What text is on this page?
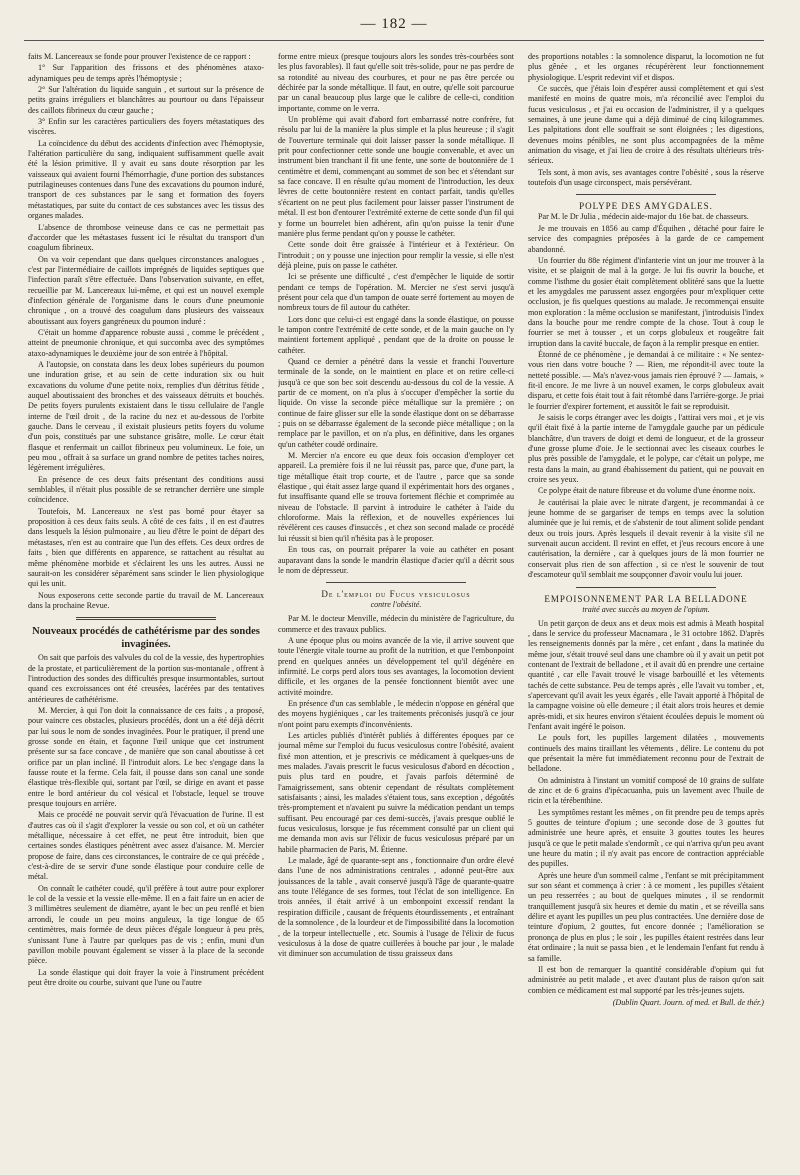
— 182 —

faits M. Lancereaux se fonde pour prouver l'existence de ce rapport :

1° Sur l'apparition des frissons et des phénomènes ataxo-adynamiques peu de temps après l'hémoptysie ;

2° Sur l'altération du liquide sanguin , et surtout sur la présence de petits grains irréguliers et blanchâtres au pourtour ou dans l'épaisseur des caillots fibrineux du cœur gauche ;

3° Enfin sur les caractères particuliers des foyers métastatiques des viscères.

La coïncidence du début des accidents d'infection avec l'hémoptysie, l'altération particulière du sang, indiquaient suffisamment quelle avait été la lésion primitive. Il y avait eu sans doute résorption par les vaisseaux qui avaient fourni l'hémorrhagie, d'une portion des substances putrilagineuses contenues dans l'une des excavations du poumon induré, transport de ces substances par le sang et formation des foyers métastatiques, par suite du contact de ces substances avec les tissus des organes malades.

L'absence de thrombose veineuse dans ce cas ne permettait pas d'accorder que les métastases fussent ici le résultat du transport d'un coagulum fibrineux.

On va voir cependant que dans quelques circonstances analogues , c'est par l'intermédiaire de caillots imprégnés de liquides septiques que l'infection paraît s'être effectuée. Dans l'observation suivante, en effet, recueillie par M. Lancereaux lui-même, et qui est un nouvel exemple d'infection générale de l'organisme dans le cours d'une pneumonie chronique , on a trouvé des coagulum dans plusieurs des vaisseaux aboutissant aux foyers gangréneux du poumon induré :

C'était un homme d'apparence robuste aussi , comme le précédent , atteint de pneumonie chronique, et qui succomba avec des symptômes ataxo-adynamiques le deuxième jour de son entrée à l'hôpital.

A l'autopsie, on constata dans les deux lobes supérieurs du poumon une induration grise, et au sein de cette induration six ou huit excavations du volume d'une petite noix, remplies d'un détritus fétide , auquel aboutissaient des bronches et des vaisseaux détruits et bouchés. De petits foyers purulents existaient dans le tissu cellulaire de l'angle interne de l'œil droit , de la racine du nez et au-dessous de l'orbite gauche. Dans le cerveau , il existait plusieurs petits foyers du volume d'un pois, constitués par une substance grisâtre, molle. Le cœur était flasque et renfermait un caillot fibrineux peu volumineux. Le foie, un peu mou , offrait à sa surface un grand nombre de petites taches noires, légèrement irrégulières.

En présence de ces deux faits présentant des conditions aussi semblables, il n'était plus possible de se retrancher derrière une simple coïncidence.

Toutefois, M. Lancereaux ne s'est pas borné pour étayer sa proposition à ces deux faits seuls. A côté de ces faits , il en est d'autres dans lesquels la lésion pulmonaire , au lieu d'être le point de départ des métastases, n'en est au contraire que l'un des effets. Ces deux ordres de faits , bien que différents en apparence, se rattachent au résultat au même phénomène morbide et s'éclairent les uns les autres. Aussi ne saurait-on les considérer séparément sans scinder le lien physiologique qui les unit.

Nous exposerons cette seconde partie du travail de M. Lancereaux dans la prochaine Revue.

Nouveaux procédés de cathétérisme par des sondes invaginées.

On sait que parfois des valvules du col de la vessie, des hypertrophies de la prostate, et particulièrement de la portion sus-montanale , offrent à l'introduction des sondes des difficultés presque insurmontables, surtout quand ces excroissances ont été creusées, lacérées par des tentatives antérieures de cathétérisme.

M. Mercier, à qui l'on doit la connaissance de ces faits , a proposé, pour vaincre ces obstacles, plusieurs procédés, dont un a été déjà décrit par lui sous le nom de sondes invaginées. Pour le pratiquer, il prend une grosse sonde en étain, et façonne l'œil unique que cet instrument présente sur sa face concave , de manière que son canal aboutisse à cet orifice par un plan incliné. Il l'introduit alors. Le bec s'engage dans la fausse route et la ferme. Cela fait, il pousse dans son canal une sonde élastique très-flexible qui, sortant par l'œil, se dirige en avant et passe entre le bord antérieur du col vésical et l'obstacle, lequel se trouve presque toujours en arrière.

Mais ce procédé ne pouvait servir qu'à l'évacuation de l'urine. Il est d'autres cas où il s'agit d'explorer la vessie ou son col, et où un cathéter métallique, nécessaire à cet effet, ne peut être introduit, bien que certaines sondes élastiques pénètrent avec assez d'aisance. M. Mercier propose de faire, dans ces circonstances, le contraire de ce qui précède , c'est-à-dire de se servir d'une sonde élastique pour conduire celle de métal.

On connaît le cathéter coudé, qu'il préfère à tout autre pour explorer le col de la vessie et la vessie elle-même. Il en a fait faire un en acier de 3 millimètres seulement de diamètre, ayant le bec un peu renflé et bien arrondi, le coude un peu moins anguleux, la tige longue de 65 centimètres, mais formée de deux pièces d'égale longueur à peu près, s'unissant l'une à l'autre par quelques pas de vis ; enfin, muni d'un pavillon mobile pouvant également se visser à la place de la seconde pièce.

La sonde élastique qui doit frayer la voie à l'instrument précédent peut être droite ou courbe, suivant que l'une ou l'autre

forme entre mieux (presque toujours alors les sondes très-courbées sont les plus favorables). Il faut qu'elle soit très-solide, pour ne pas perdre de sa rotondité au niveau des courbures, et pour ne pas être percée ou déchirée par la sonde métallique. Il faut, en outre, qu'elle soit parcourue par un canal beaucoup plus large que le calibre de celle-ci, condition importante, comme on le verra.

Un problème qui avait d'abord fort embarrassé notre confrère, fut résolu par lui de la manière la plus simple et la plus heureuse ; il s'agit de l'ouverture terminale qui doit laisser passer la sonde métallique. Il prit pour confectionner cette sonde une bougie convenable, et avec un instrument bien tranchant il fit une fente, une sorte de boutonnière de 1 centimètre et demi, commençant au sommet de son bec et s'étendant sur sa face concave. Il en résulte qu'au moment de l'introduction, les deux lèvres de cette boutonnière restent en contact parfait, tandis qu'elles s'écartent on ne peut plus facilement pour laisser passer l'instrument de métal. Il est bon d'entourer l'extrémité externe de cette sonde d'un fil qui y forme un bourrelet bien adhérent, afin qu'on puisse la tenir d'une manière plus ferme pendant qu'on y pousse le cathéter.

Cette sonde doit être graissée à l'intérieur et à l'extérieur. On l'introduit ; on y pousse une injection pour remplir la vessie, si elle n'est déjà pleine, puis on passe le cathéter.

Ici se présente une difficulté , c'est d'empêcher le liquide de sortir pendant ce temps de l'opération. M. Mercier ne s'est servi jusqu'à présent pour cela que d'un tampon de ouate serré fortement au moyen de nombreux tours de fil autour du cathéter.

Lors donc que celui-ci est engagé dans la sonde élastique, on pousse le tampon contre l'extrémité de cette sonde, et de la main gauche on l'y maintient fortement appliqué , pendant que de la droite on pousse le cathéter.

Quand ce dernier a pénétré dans la vessie et franchi l'ouverture terminale de la sonde, on le maintient en place et on retire celle-ci jusqu'à ce que son bec soit descendu au-dessous du col de la vessie. A partir de ce moment, on n'a plus à s'occuper d'empêcher la sortie du liquide. On visse la seconde pièce métallique sur la première ; on continue de faire glisser sur elle la sonde élastique dont on se débarrasse ; puis on se débarrasse également de la seconde pièce métallique ; on la remplace par le pavillon, et on n'a plus, en définitive, dans les organes qu'un cathéter coudé ordinaire.

M. Mercier n'a encore eu que deux fois occasion d'employer cet appareil. La première fois il ne lui réussit pas, parce que, d'une part, la tige métallique était trop courte, et de l'autre , parce que sa sonde élastique , qui était assez large quand il expérimentait hors des organes , fut insuffisante quand elle se trouva fortement fléchie et comprimée au niveau de l'obstacle. Il parvint à introduire le cathéter à l'aide du chloroforme. Mais la réflexion, et de nouvelles expériences lui révélèrent ces causes d'insuccès , et chez son second malade ce procédé lui réussit si bien qu'il n'hésita pas à le proposer.

En tous cas, on pourrait préparer la voie au cathéter en posant auparavant dans la sonde le mandrin élastique d'acier qu'il a décrit sous le nom de dépresseur.

De l'emploi du Fucus vesiculosus
contre l'obésité.

Par M. le docteur Menville, médecin du ministère de l'agriculture, du commerce et des travaux publics.

A une époque plus ou moins avancée de la vie, il arrive souvent que toute l'énergie vitale tourne au profit de la nutrition, et que l'embonpoint prend en quelques années un développement tel qu'il dégénère en infirmité. Le corps perd alors tous ses avantages, la locomotion devient difficile, et les organes de la pensée fonctionnent bientôt avec une activité moindre.

En présence d'un cas semblable , le médecin n'oppose en général que des moyens hygiéniques , car les traitements préconisés jusqu'à ce jour n'ont point paru exempts d'inconvénients.

Les articles publiés d'intérêt publiés à différentes époques par ce journal même sur l'emploi du fucus vesiculosus contre l'obésité, avaient fixé mon attention, et je prescrivis ce médicament à quelques-uns de mes malades. J'avais prescrit le fucus vesiculosus d'abord en décoction , puis plus tard en poudre, et j'avais parfois déterminé de l'amaigrissement, sans obtenir cependant de résultats complètement satisfaisants ; ainsi, les malades s'étaient tous, sans exception , dégoûtés très-promptement et n'avaient pu suivre la médication pendant un temps suffisant. Peu encouragé par ces demi-succès, j'avais presque oublié le fucus vesiculosus, lorsque je fus récemment consulté par un client qui me demanda mon avis sur l'élixir de fucus vesiculosus préparé par un habile pharmacien de Paris, M. Étienne.

Le malade, âgé de quarante-sept ans , fonctionnaire d'un ordre élevé dans l'une de nos administrations centrales , adonné peut-être aux jouissances de la table , avait conservé jusqu'à l'âge de quarante-quatre ans toute l'élégance de ses formes, tout l'éclat de son intelligence. En trois années, il était arrivé à un embonpoint excessif rendant la respiration difficile , causant de fréquents étourdissements , et entraînant de la somnolence , de la lourdeur et de l'impossibilité dans la locomotion , de la torpeur intellectuelle , etc. Soumis à l'usage de l'élixir de fucus vesiculosus à la dose de quatre cuillerées à bouche par jour , le malade vit diminuer son accumulation de tissu graisseux dans

des proportions notables : la somnolence disparut, la locomotion ne fut plus gênée , et les organes récupérèrent leur fonctionnement physiologique. L'esprit redevint vif et dispos.

Ce succès, que j'étais loin d'espérer aussi complètement et qui s'est manifesté en moins de quatre mois, m'a réconcilié avec l'emploi du fucus vesiculosus , et j'ai eu occasion de l'administrer, il y a quelques semaines, à une jeune dame qui a déjà diminué de cinq kilogrammes. Les palpitations dont elle souffrait se sont éloignées ; les digestions, devenues moins pénibles, ne sont plus accompagnées de la même animation du visage, et j'ai lieu de croire à des résultats ultérieurs très-sérieux.

Tels sont, à mon avis, ses avantages contre l'obésité , sous la réserve toutefois d'un usage circonspect, mais persévérant.

POLYPE DES AMYGDALES.

Par M. le Dr Julia , médecin aide-major du 16e bat. de chasseurs.

Je me trouvais en 1856 au camp d'Équihen , détaché pour faire le service des compagnies préposées à la garde de ce campement abandonné.

Un fourrier du 88e régiment d'infanterie vint un jour me trouver à la visite, et se plaignit de mal à la gorge. Je lui fis ouvrir la bouche, et comme l'isthme du gosier était complètement oblitéré sans que la luette et les amygdales me parussent assez engorgées pour m'expliquer cette occlusion, je fis quelques questions au malade. Je recommençai ensuite mon exploration : la même occlusion se manifestant, j'introduisis l'index dans la bouche pour me rendre compte de la chose. Tout à coup le fourrier se met à tousser , et un corps globuleux et rougeâtre fait irruption dans la cavité buccale, de façon à la remplir presque en entier.

Étonné de ce phénomène , je demandai à ce militaire : « Ne sentez-vous rien dans votre bouche ? — Rien, me répondit-il avec toute la netteté possible. — Ma's n'avez-vous jamais rien éprouvé ? — Jamais, » fit-il encore. Je me livre à un nouvel examen, le corps globuleux avait disparu, et cette fois était tout à fait rétombé dans l'arrière-gorge. Je priai le fourrier d'expirer fortement, et aussitôt le fait se reproduisit.

Je saisis le corps étranger avec les doigts , l'attirai vers moi , et je vis qu'il était fixé à la partie interne de l'amygdale gauche par un pédicule blanchâtre, d'un travers de doigt et demi de longueur, et de la grosseur d'une grosse plume d'oie. Je le sectionnai avec les ciseaux courbes le plus près possible de l'amygdale, et le polype, car c'était un polype, me resta dans la main, au grand ébahissement du patient, qui ne pouvait en croire ses yeux.

Ce polype était de nature fibreuse et du volume d'une énorme noix.

Je cautérisai la plaie avec le nitrate d'argent, je recommandai à ce jeune homme de se gargariser de temps en temps avec la solution aluminée que je lui remis, et de s'abstenir de tout aliment solide pendant deux ou trois jours. Après lesquels il devait revenir à la visite s'il ne survenait aucun accident. Il revint en effet, et j'eus recours encore à une cautérisation, la dernière , car à quelques jours de là mon fourrier ne conservait plus rien de son affection , si ce n'est le souvenir de tout d'escamoteur qu'il semblait me soupçonner d'avoir voulu lui jouer.

EMPOISONNEMENT PAR LA BELLADONE
traité avec succès au moyen de l'opium.

Un petit garçon de deux ans et deux mois est admis à Meath hospital , dans le service du professeur Macnamara , le 31 octobre 1862. D'après les renseignements donnés par la mère , cet enfant , dans la matinée du même jour, s'était trouvé seul dans une chambre où il y avait un petit pot contenant de l'extrait de belladone , et il avait dû en prendre une certaine quantité , car elle l'avait trouvé le visage barbouillé et les vêtements tachés de cette substance. Peu de temps après , elle l'avait vu tomber , et, s'apercevant qu'il avait les yeux égarés , elle l'avait apporté à l'hôpital de la campagne voisine où elle demeure ; il était alors trois heures et demie après-midi, et six heures environ s'étaient écoulées depuis le moment où l'enfant avait ingéré le poison.

Le pouls fort, les pupilles largement dilatées , mouvements continuels des mains tiraillant les vêtements , délire. Le contenu du pot que présentait la mère fut immédiatement reconnu pour de l'extrait de belladone.

On administra à l'instant un vomitif composé de 10 grains de sulfate de zinc et de 6 grains d'ipécacuanha, puis un lavement avec l'huile de ricin et la térébenthine.

Les symptômes restant les mêmes , on fit prendre peu de temps après 5 gouttes de teinture d'opium ; une seconde dose de 3 gouttes fut administrée une heure après, et ensuite 3 gouttes toutes les heures jusqu'à ce que le petit malade s'endormît , ce qui n'arriva qu'un peu avant une heure du matin ; il n'y avait pas encore de contraction appréciable des pupilles.

Après une heure d'un sommeil calme , l'enfant se mit précipitamment sur son séant et commença à crier : à ce moment , les pupilles s'étaient un peu resserrées ; au bout de quelques minutes , il se rendormit tranquillement jusqu'à six heures et demie du matin , et se réveilla sans délire et ayant les pupilles un peu plus contractées. Une dernière dose de teinture d'opium, 2 gouttes, fut encore donnée ; l'amélioration se prononça de plus en plus ; le soir , les pupilles étaient restrées dans leur état ordinaire ; la nuit se passa bien , et le lendemain l'enfant fut rendu à sa famille.

Il est bon de remarquer la quantité considérable d'opium qui fut administrée au petit malade , et avec d'autant plus de raison qu'on sait combien ce médicament est mal supporté par les très-jeunes sujets.

(Dublin Quart. Journ. of med. et Bull. de thér.)
